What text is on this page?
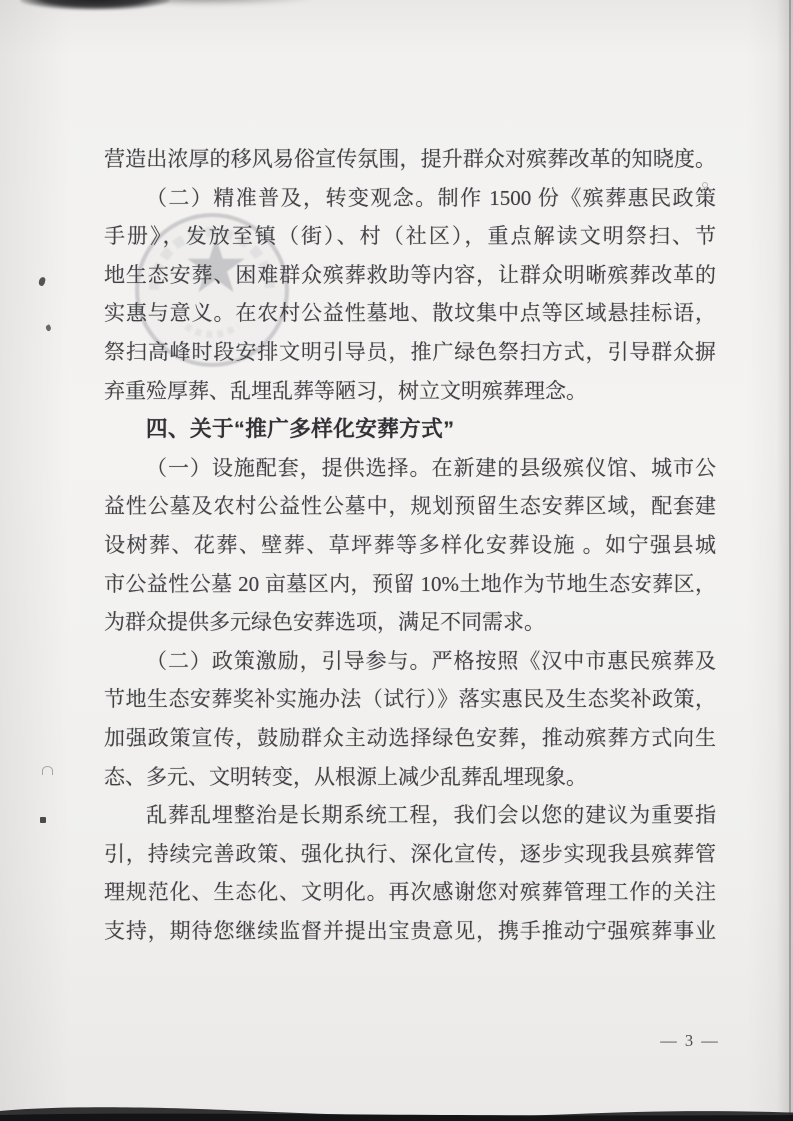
营造出浓厚的移风易俗宣传氛围，提升群众对殡葬改革的知晓度。
（二）精准普及，转变观念。制作 1500 份《殡葬惠民政策
手册》，发放至镇（街）、村（社区），重点解读文明祭扫、节
地生态安葬、困难群众殡葬救助等内容，让群众明晰殡葬改革的
实惠与意义。在农村公益性墓地、散坟集中点等区域悬挂标语，
祭扫高峰时段安排文明引导员，推广绿色祭扫方式，引导群众摒
弃重殓厚葬、乱埋乱葬等陋习，树立文明殡葬理念。
四、关于“推广多样化安葬方式”
（一）设施配套，提供选择。在新建的县级殡仪馆、城市公
益性公墓及农村公益性公墓中，规划预留生态安葬区域，配套建
设树葬、花葬、壁葬、草坪葬等多样化安葬设施 。如宁强县城
市公益性公墓 20 亩墓区内，预留 10%土地作为节地生态安葬区，
为群众提供多元绿色安葬选项，满足不同需求。
（二）政策激励，引导参与。严格按照《汉中市惠民殡葬及
节地生态安葬奖补实施办法（试行）》落实惠民及生态奖补政策，
加强政策宣传，鼓励群众主动选择绿色安葬，推动殡葬方式向生
态、多元、文明转变，从根源上减少乱葬乱埋现象。
乱葬乱埋整治是长期系统工程，我们会以您的建议为重要指
引，持续完善政策、强化执行、深化宣传，逐步实现我县殡葬管
理规范化、生态化、文明化。再次感谢您对殡葬管理工作的关注
支持，期待您继续监督并提出宝贵意见，携手推动宁强殡葬事业
— 3 —
